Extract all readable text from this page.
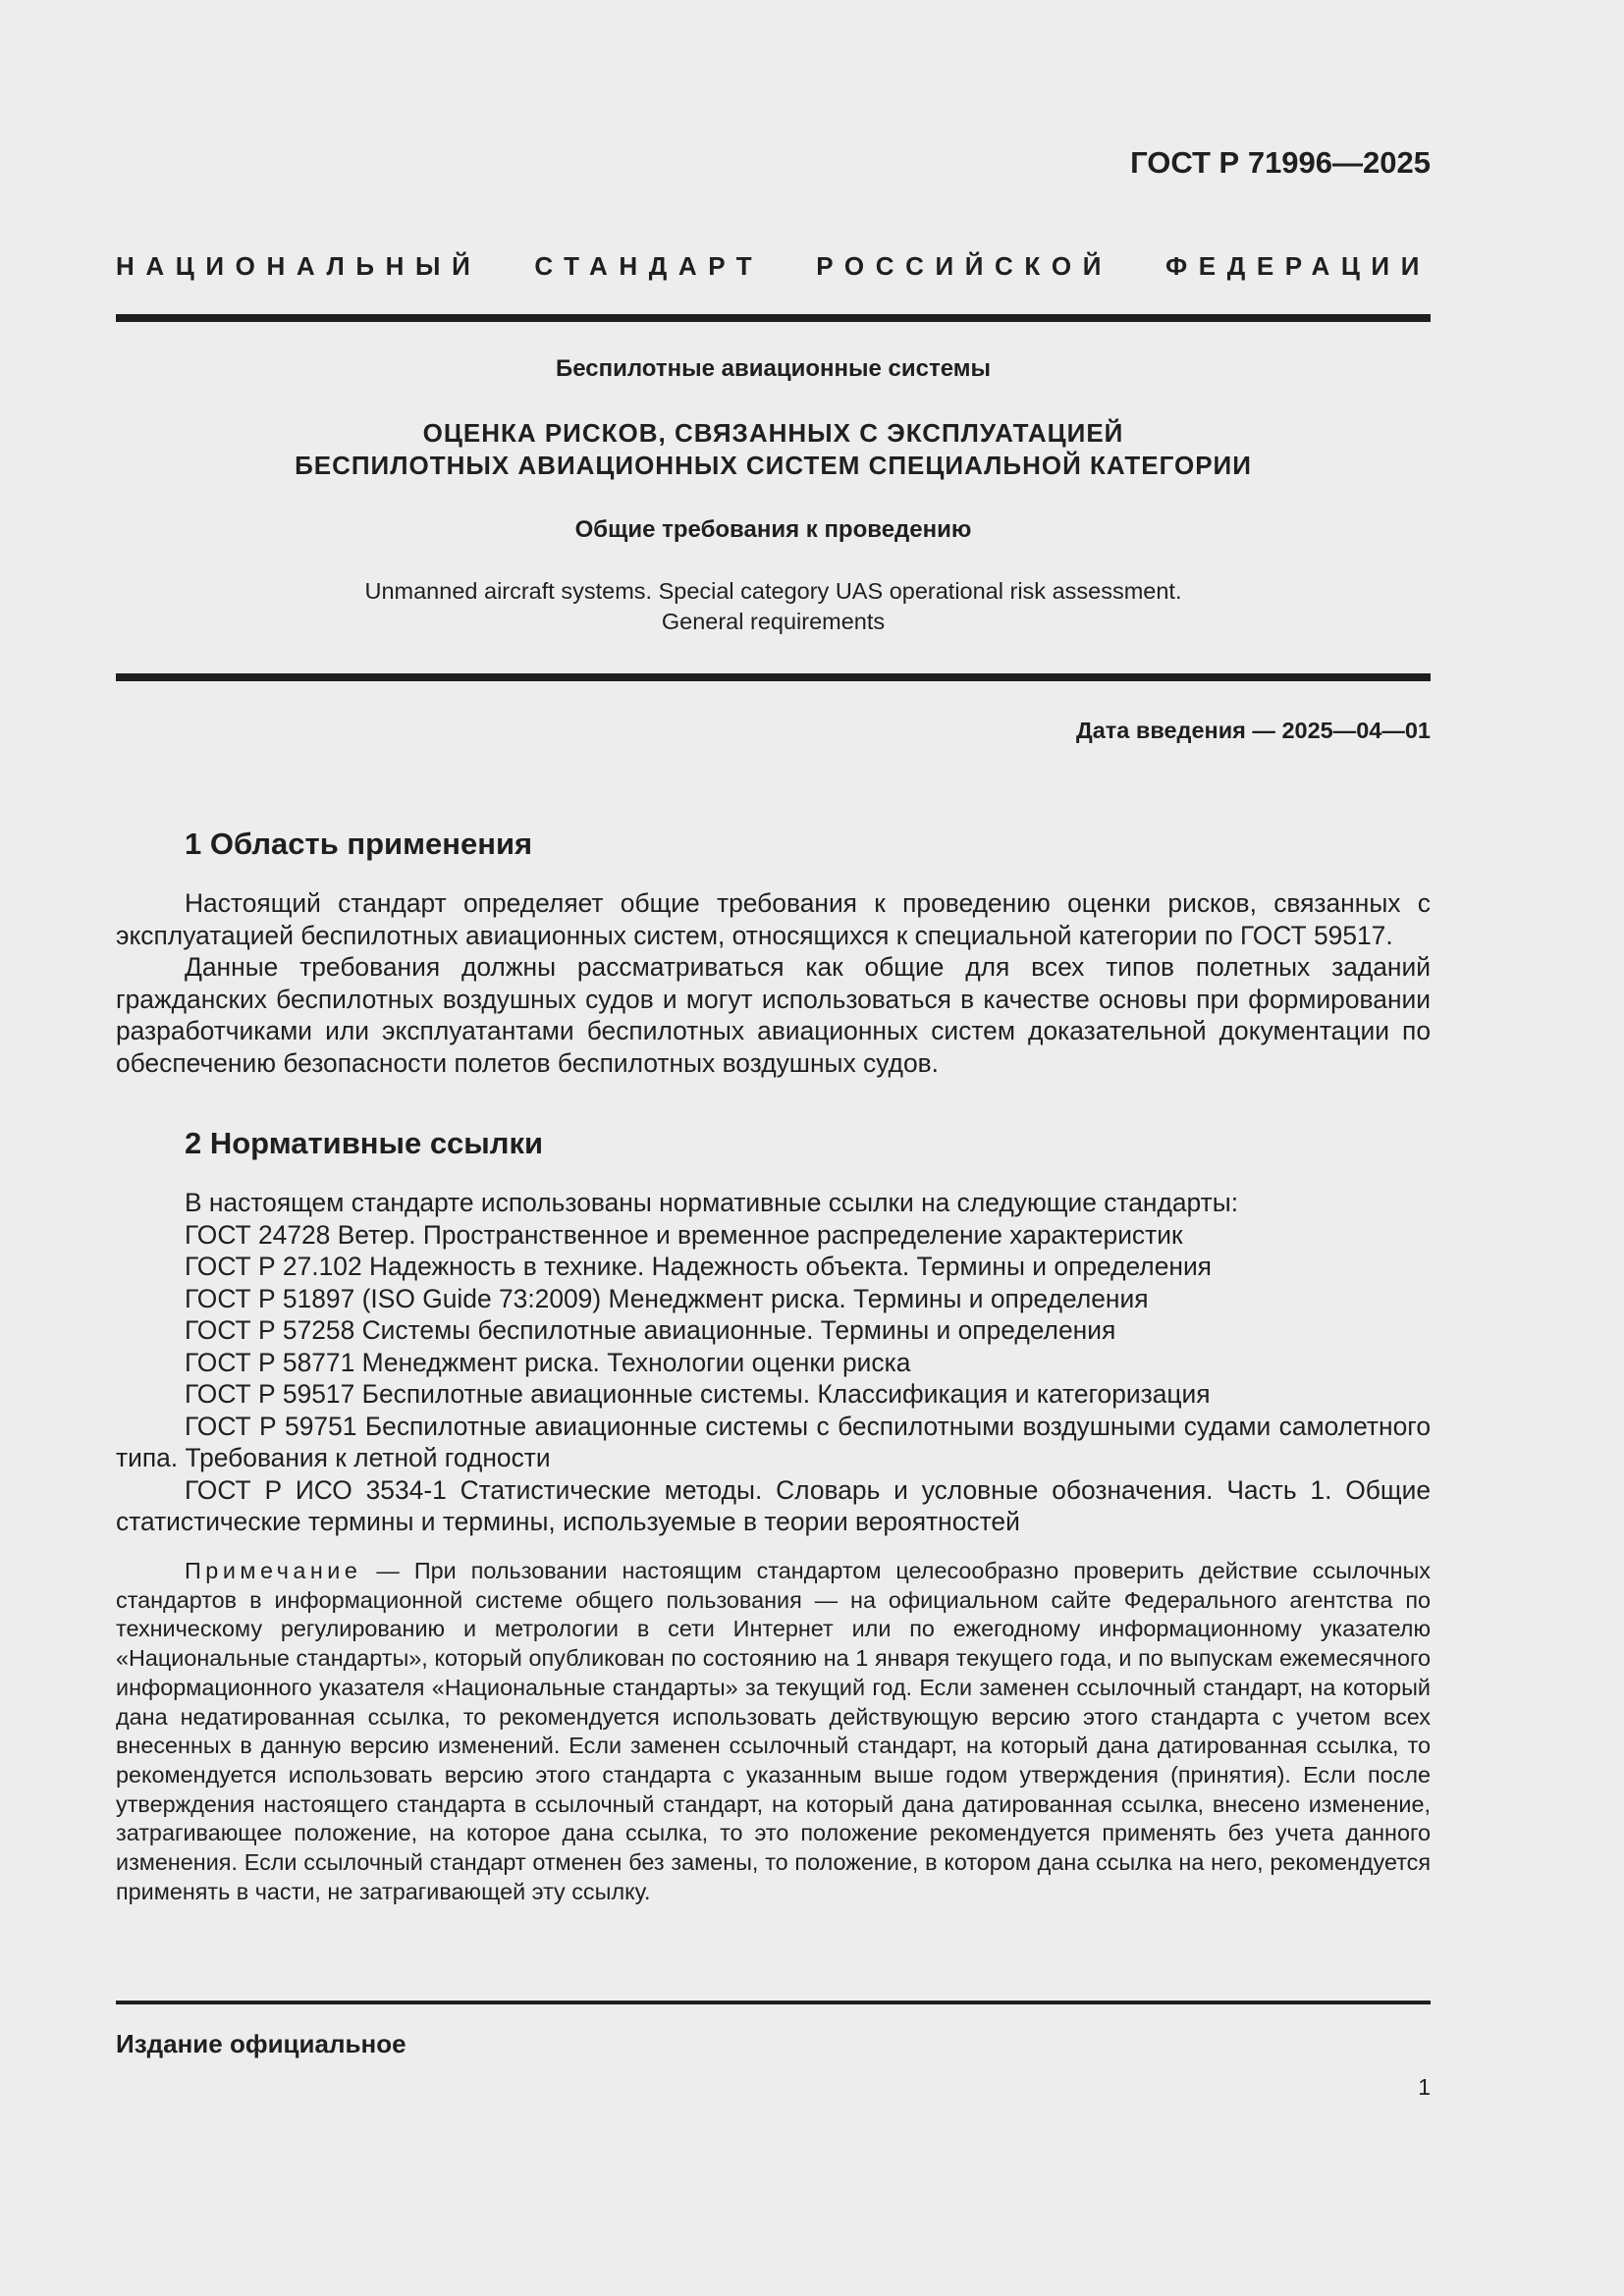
ГОСТ Р 71996—2025

НАЦИОНАЛЬНЫЙ СТАНДАРТ РОССИЙСКОЙ ФЕДЕРАЦИИ

Беспилотные авиационные системы

ОЦЕНКА РИСКОВ, СВЯЗАННЫХ С ЭКСПЛУАТАЦИЕЙ
БЕСПИЛОТНЫХ АВИАЦИОННЫХ СИСТЕМ СПЕЦИАЛЬНОЙ КАТЕГОРИИ

Общие требования к проведению

Unmanned aircraft systems. Special category UAS operational risk assessment.
General requirements

Дата введения — 2025—04—01

1 Область применения

Настоящий стандарт определяет общие требования к проведению оценки рисков, связанных с эксплуатацией беспилотных авиационных систем, относящихся к специальной категории по ГОСТ 59517.

Данные требования должны рассматриваться как общие для всех типов полетных заданий гражданских беспилотных воздушных судов и могут использоваться в качестве основы при формировании разработчиками или эксплуатантами беспилотных авиационных систем доказательной документации по обеспечению безопасности полетов беспилотных воздушных судов.

2 Нормативные ссылки

В настоящем стандарте использованы нормативные ссылки на следующие стандарты:

ГОСТ 24728 Ветер. Пространственное и временное распределение характеристик

ГОСТ Р 27.102 Надежность в технике. Надежность объекта. Термины и определения

ГОСТ Р 51897 (ISO Guide 73:2009) Менеджмент риска. Термины и определения

ГОСТ Р 57258 Системы беспилотные авиационные. Термины и определения

ГОСТ Р 58771 Менеджмент риска. Технологии оценки риска

ГОСТ Р 59517 Беспилотные авиационные системы. Классификация и категоризация

ГОСТ Р 59751 Беспилотные авиационные системы с беспилотными воздушными судами самолетного типа. Требования к летной годности

ГОСТ Р ИСО 3534-1 Статистические методы. Словарь и условные обозначения. Часть 1. Общие статистические термины и термины, используемые в теории вероятностей

Примечание — При пользовании настоящим стандартом целесообразно проверить действие ссылочных стандартов в информационной системе общего пользования — на официальном сайте Федерального агентства по техническому регулированию и метрологии в сети Интернет или по ежегодному информационному указателю «Национальные стандарты», который опубликован по состоянию на 1 января текущего года, и по выпускам ежемесячного информационного указателя «Национальные стандарты» за текущий год. Если заменен ссылочный стандарт, на который дана недатированная ссылка, то рекомендуется использовать действующую версию этого стандарта с учетом всех внесенных в данную версию изменений. Если заменен ссылочный стандарт, на который дана датированная ссылка, то рекомендуется использовать версию этого стандарта с указанным выше годом утверждения (принятия). Если после утверждения настоящего стандарта в ссылочный стандарт, на который дана датированная ссылка, внесено изменение, затрагивающее положение, на которое дана ссылка, то это положение рекомендуется применять без учета данного изменения. Если ссылочный стандарт отменен без замены, то положение, в котором дана ссылка на него, рекомендуется применять в части, не затрагивающей эту ссылку.

Издание официальное

1
